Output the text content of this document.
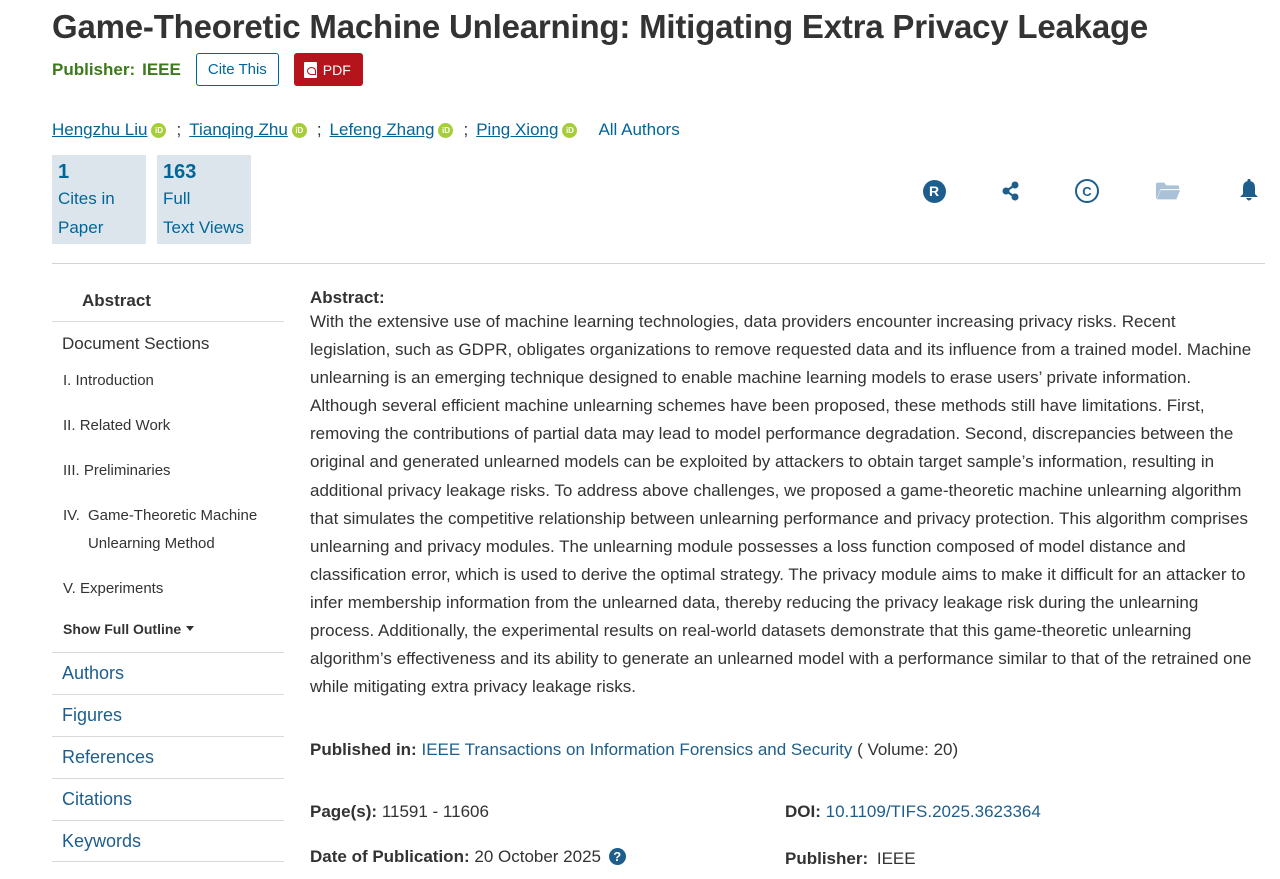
Game-Theoretic Machine Unlearning: Mitigating Extra Privacy Leakage
Publisher: IEEE Cite This	PDF
Hengzhu Liu iD ; Tianqing Zhu iD ; Lefeng Zhang iD ; Ping Xiong iD All Authors
1
Cites in
Paper
163
Full
Text Views
R	C
Abstract
Document Sections
I. Introduction
II. Related Work
III. Preliminaries
IV. Game-Theoretic Machine
Unlearning Method
V. Experiments
Show Full Outline
Authors
Figures
References
Citations
Keywords
Abstract:
With the extensive use of machine learning technologies, data providers encounter increasing privacy risks. Recent legislation, such as GDPR, obligates organizations to remove requested data and its influence from a trained model. Machine unlearning is an emerging technique designed to enable machine learning models to erase users’ private information. Although several efficient machine unlearning schemes have been proposed, these methods still have limitations. First, removing the contributions of partial data may lead to model performance degradation. Second, discrepancies between the original and generated unlearned models can be exploited by attackers to obtain target sample’s information, resulting in additional privacy leakage risks. To address above challenges, we proposed a game-theoretic machine unlearning algorithm that simulates the competitive relationship between unlearning performance and privacy protection. This algorithm comprises unlearning and privacy modules. The unlearning module possesses a loss function composed of model distance and classification error, which is used to derive the optimal strategy. The privacy module aims to make it difficult for an attacker to infer membership information from the unlearned data, thereby reducing the privacy leakage risk during the unlearning process. Additionally, the experimental results on real-world datasets demonstrate that this game-theoretic unlearning algorithm’s effectiveness and its ability to generate an unlearned model with a performance similar to that of the retrained one while mitigating extra privacy leakage risks.
Published in: IEEE Transactions on Information Forensics and Security ( Volume: 20)
Page(s): 11591 - 11606
Date of Publication: 20 October 2025 ?
DOI: 10.1109/TIFS.2025.3623364
Publisher: IEEE
